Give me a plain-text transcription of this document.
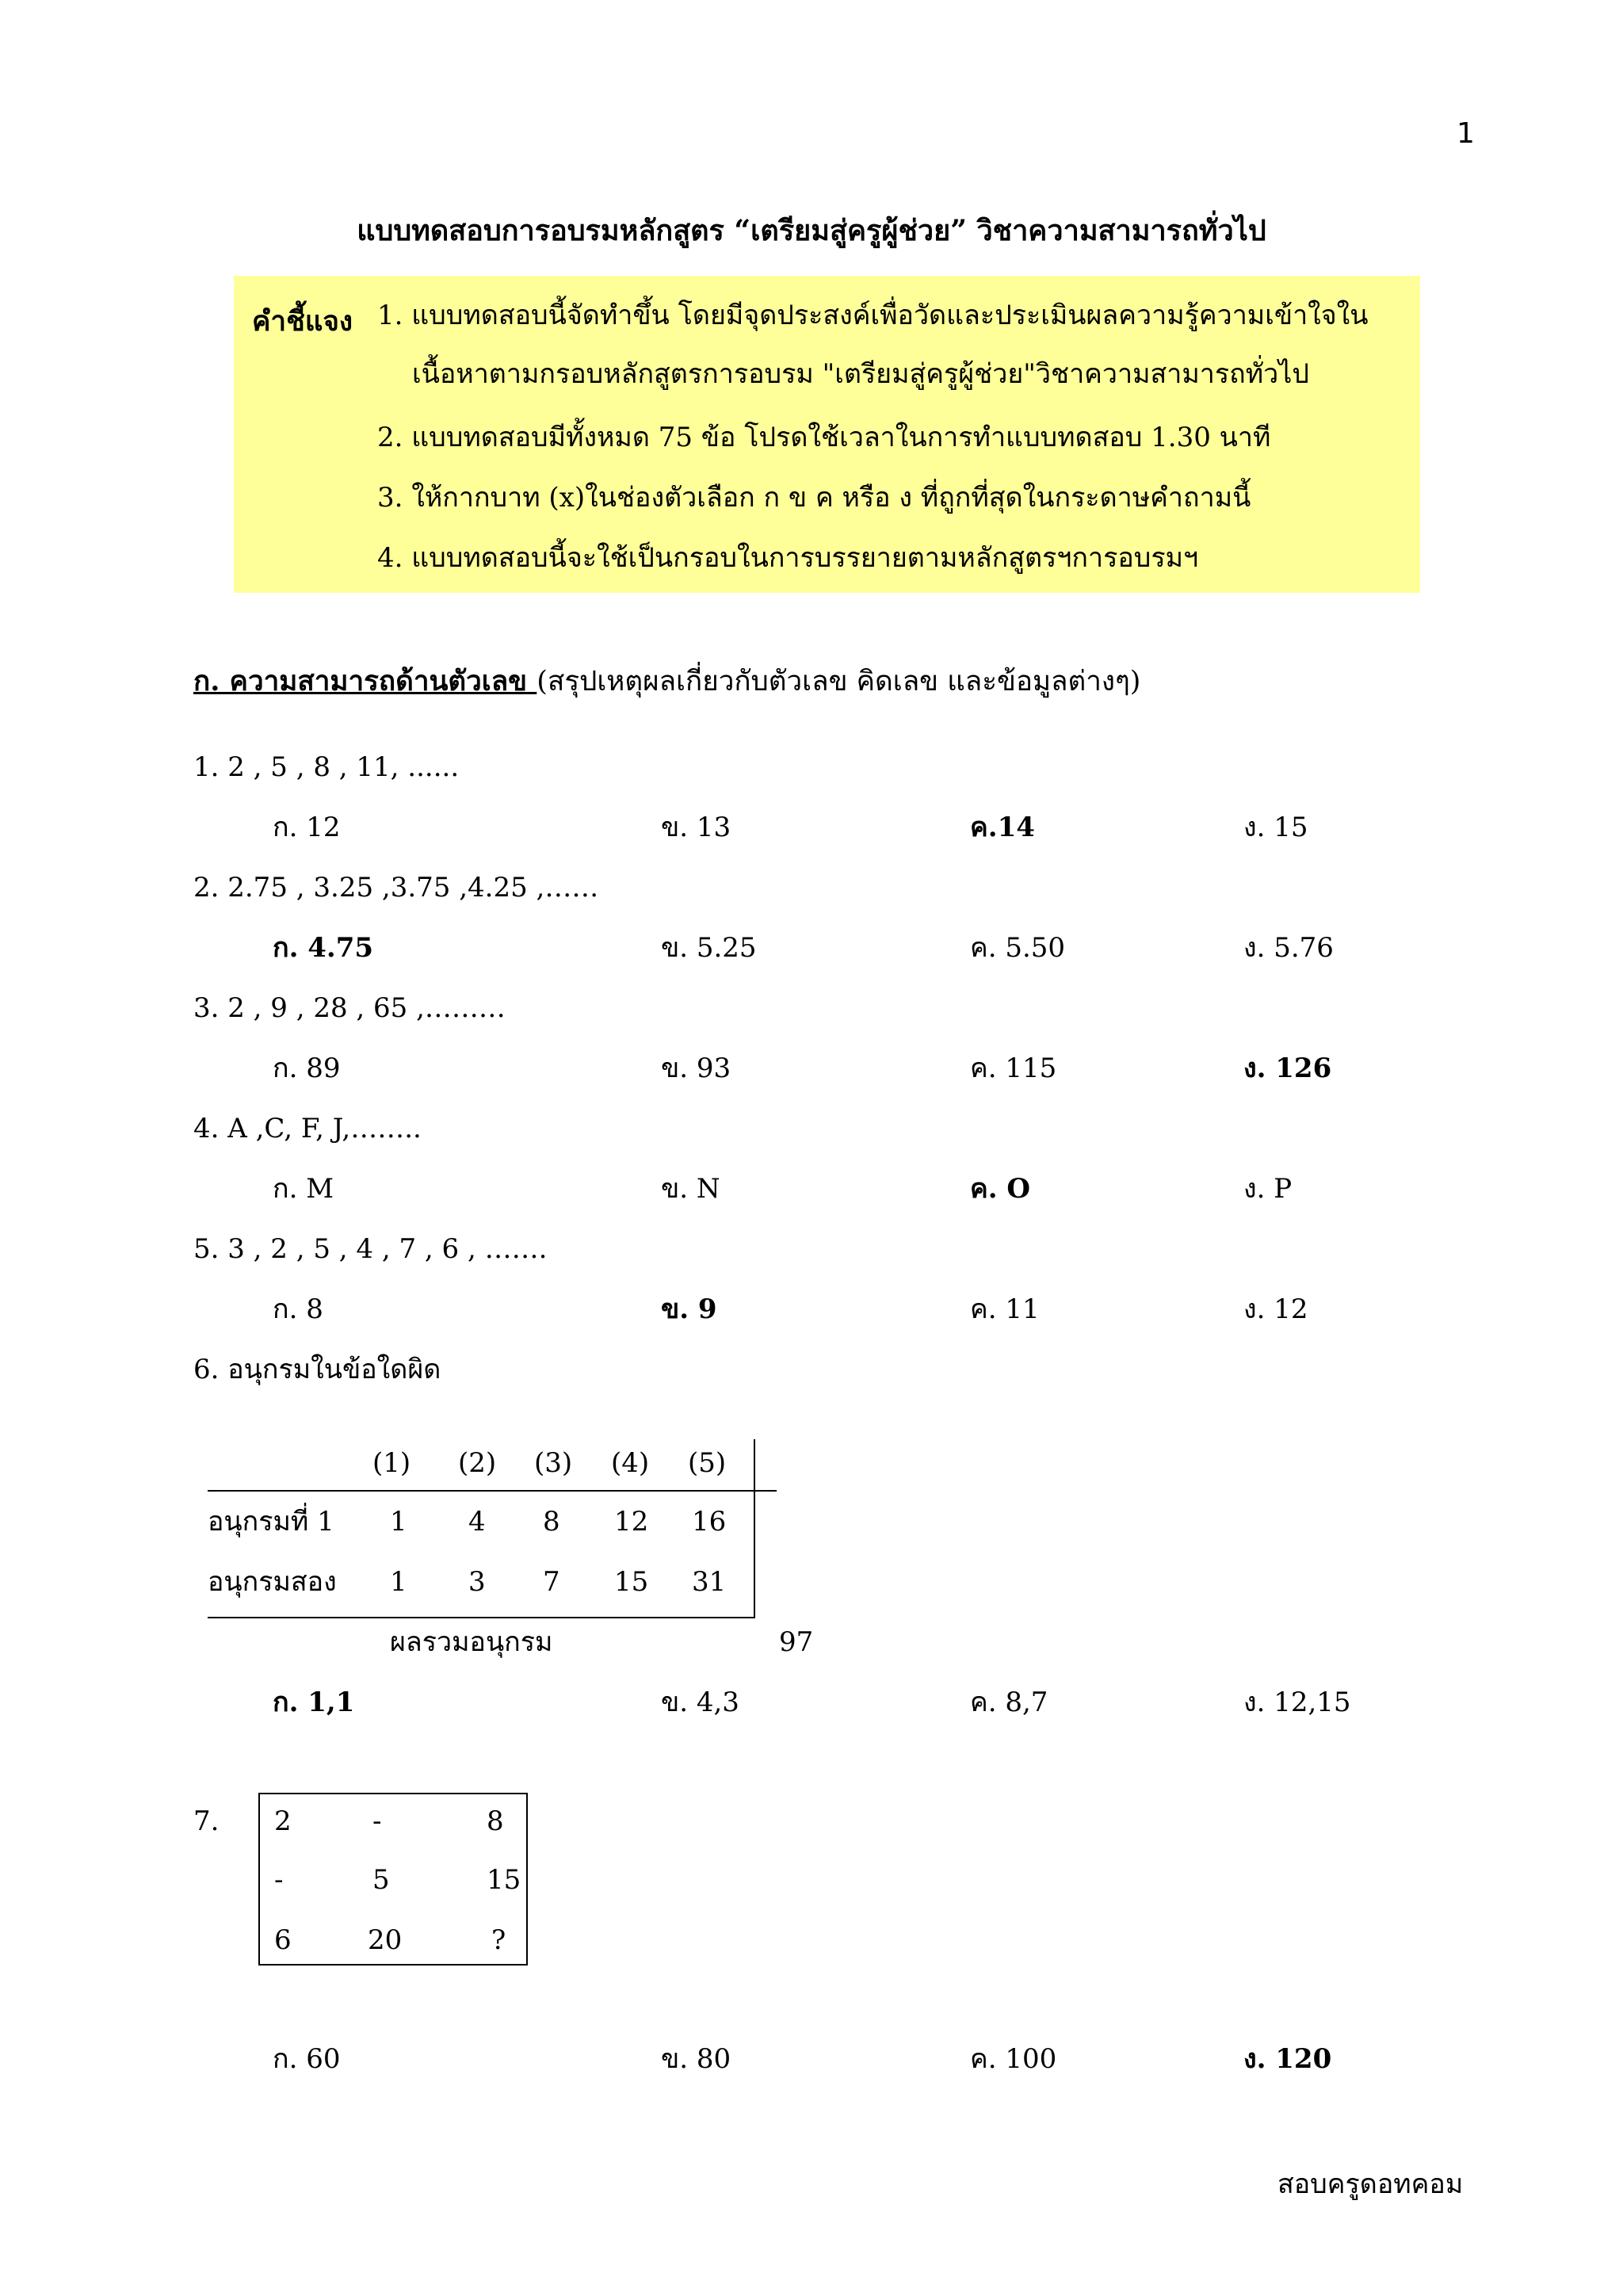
1
แบบทดสอบการอบรมหลักสูตร “เตรียมสู่ครูผู้ช่วย” วิชาความสามารถทั่วไป
คำชี้แจง 1. แบบทดสอบนี้จัดทำขึ้น โดยมีจุดประสงค์เพื่อวัดและประเมินผลความรู้ความเข้าใจใน
เนื้อหาตามกรอบหลักสูตรการอบรม "เตรียมสู่ครูผู้ช่วย"วิชาความสามารถทั่วไป
2. แบบทดสอบมีทั้งหมด 75 ข้อ โปรดใช้เวลาในการทำแบบทดสอบ 1.30 นาที
3. ให้กากบาท (x)ในช่องตัวเลือก ก ข ค หรือ ง ที่ถูกที่สุดในกระดาษคำถามนี้
4. แบบทดสอบนี้จะใช้เป็นกรอบในการบรรยายตามหลักสูตรฯการอบรมฯ
ก. ความสามารถด้านตัวเลข (สรุปเหตุผลเกี่ยวกับตัวเลข คิดเลข และข้อมูลต่างๆ)
1. 2 , 5 , 8 , 11, ......
ก. 12	ข. 13	ค.14	ง. 15
2. 2.75 , 3.25 ,3.75 ,4.25 ,……
ก. 4.75	ข. 5.25	ค. 5.50	ง. 5.76
3. 2 , 9 , 28 , 65 ,………
ก. 89	ข. 93	ค. 115	ง. 126
4. A ,C, F, J,……..
ก. M	ข. N	ค. O	ง. P
5. 3 , 2 , 5 , 4 , 7 , 6 , …….
ก. 8	ข. 9	ค. 11	ง. 12
6. อนุกรมในข้อใดผิด
(1) (2) (3) (4) (5)
อนุกรมที่ 1 1 4 8 12 16
อนุกรมสอง 1 3 7 15 31
ผลรวมอนุกรม	97
ก. 1,1	ข. 4,3	ค. 8,7	ง. 12,15
7. 2	-	8
-	5	15
6	20	?
ก. 60	ข. 80	ค. 100	ง. 120
สอบครูดอทคอม
